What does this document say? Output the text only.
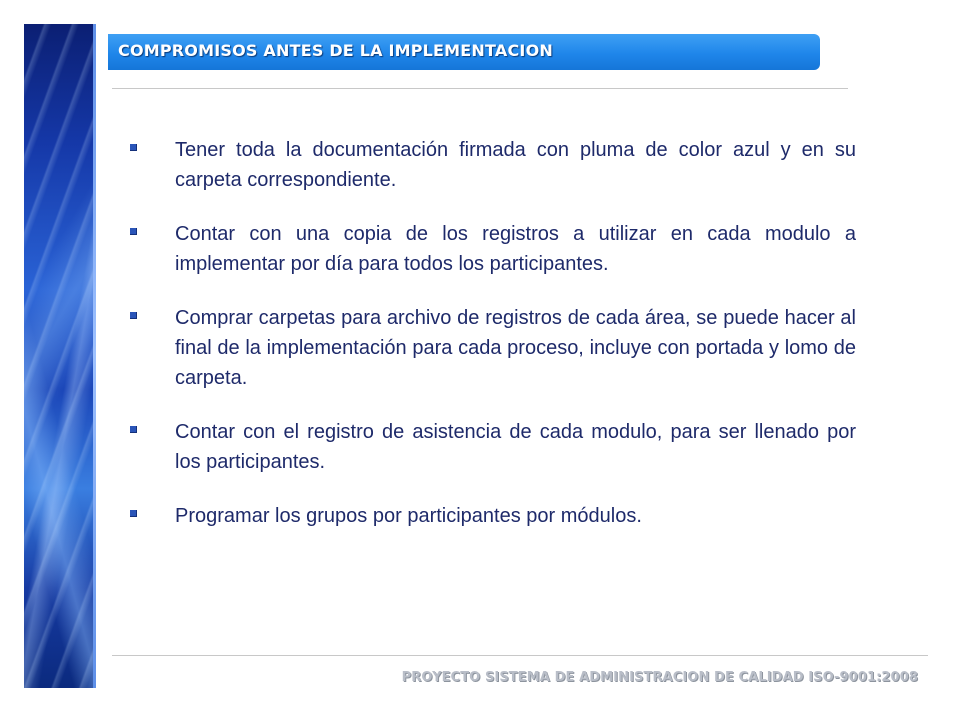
COMPROMISOS ANTES DE LA IMPLEMENTACION
Tener toda la documentación firmada con pluma de color azul y en su carpeta correspondiente.
Contar con una copia de los registros a utilizar en cada modulo a implementar por día para todos los participantes.
Comprar carpetas para archivo de registros de cada área, se puede hacer al final de la implementación para cada proceso, incluye con portada y lomo de carpeta.
Contar con el registro de asistencia de cada modulo, para ser llenado por los participantes.
Programar los grupos por participantes por módulos.
PROYECTO SISTEMA DE ADMINISTRACION DE CALIDAD ISO-9001:2008
